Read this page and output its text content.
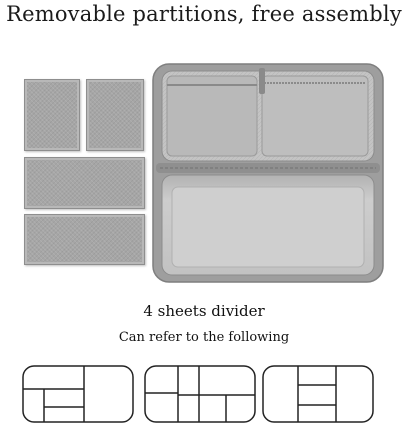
Removable partitions, free assembly
4 sheets divider
Can refer to the following
